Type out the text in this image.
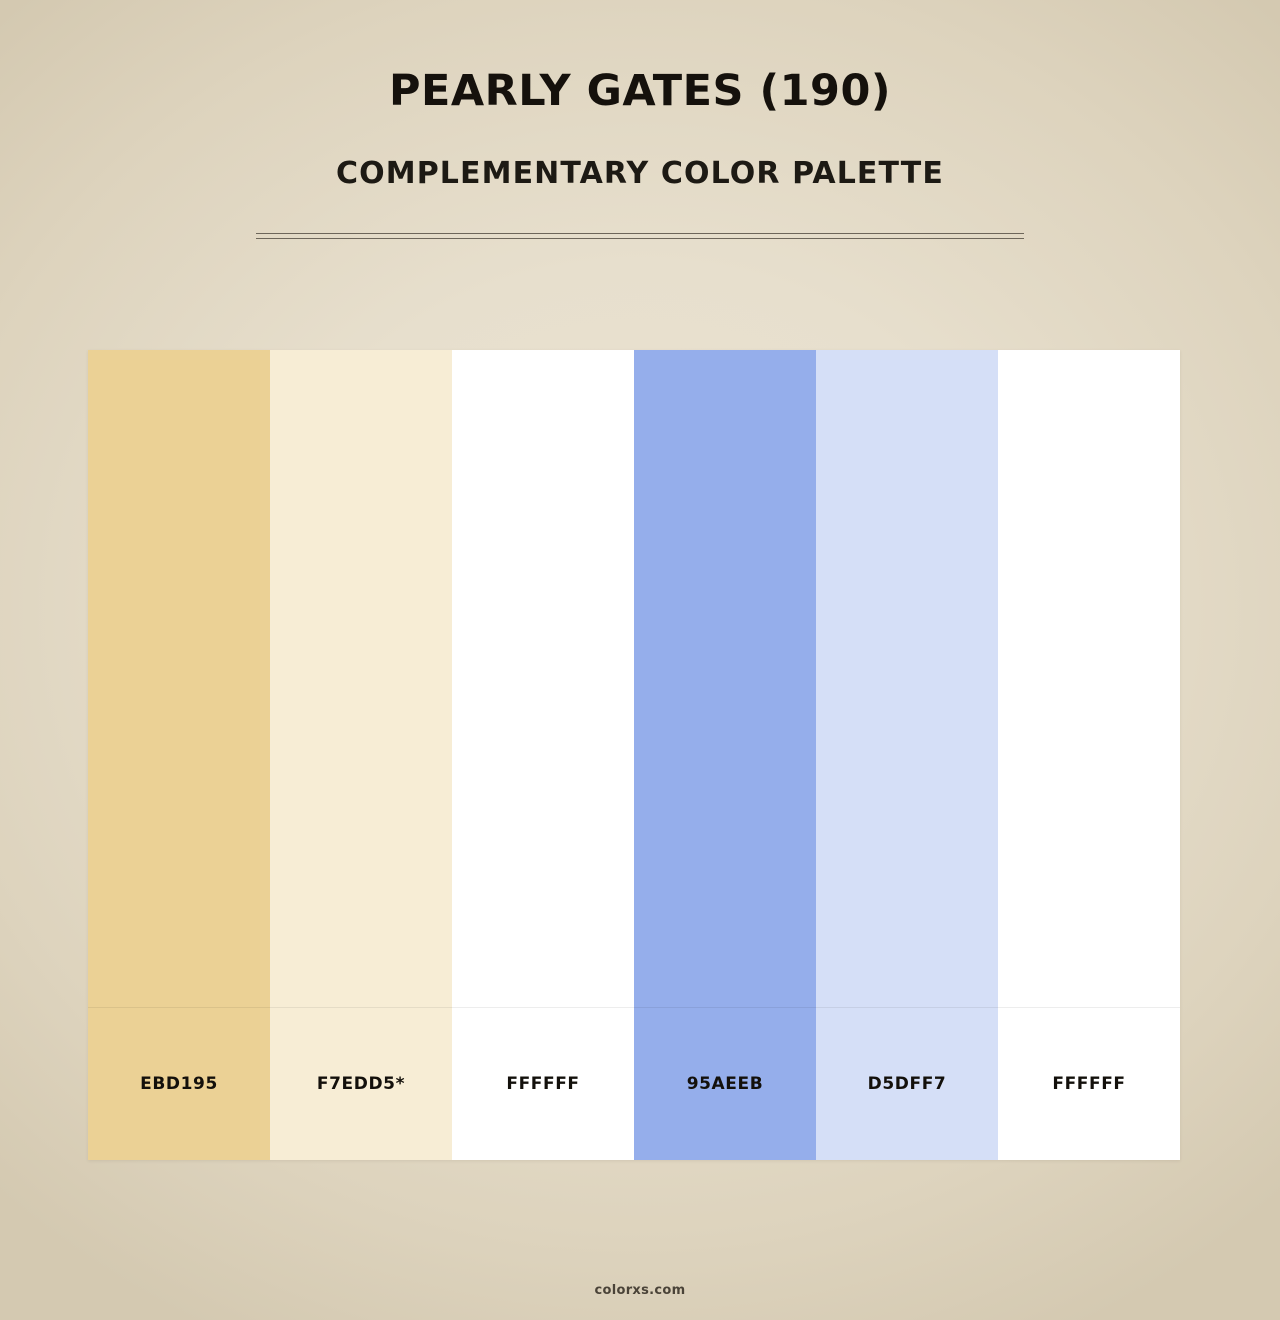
PEARLY GATES (190)
COMPLEMENTARY COLOR PALETTE
EBD195	F7EDD5*	FFFFFF	95AEEB	D5DFF7	FFFFFF
colorxs.com
